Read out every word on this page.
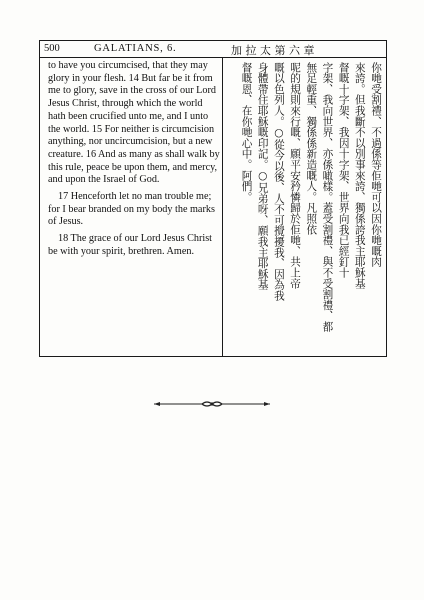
500	GALATIANS, 6.	加拉太第六章

to have you circumcised, that they may glory in your flesh. 14 But far be it from me to glory, save in the cross of our Lord Jesus Christ, through which the world hath been crucified unto me, and I unto the world. 15 For neither is circumcision anything, nor uncircumcision, but a new creature. 16 And as many as shall walk by this rule, peace be upon them, and mercy, and upon the Israel of God.

17 Henceforth let no man trouble me; for I bear branded on my body the marks of Jesus.

18 The grace of our Lord Jesus Christ be with your spirit, brethren. Amen.	你哋受割禮、不過係等佢哋可以因你哋嘅肉
來誇。但我斷不以別事來誇、獨係誇我主耶穌基
督嘅十字架、我因十字架、世界向我已經釘十
字架、我向世界、亦係噉樣。蓋受割禮、與不受割禮、都
無足輕重、獨係係新造嘅人。凡照依
呢的規則來行嘅、願平安矜憐歸於佢哋、共上帝
嘅以色列人。○從今以後、人不可攪擾我、因為我
身體帶住耶穌嘅印記。○兄弟呀、願我主耶穌基
督嘅恩、在你哋心中。阿們。
